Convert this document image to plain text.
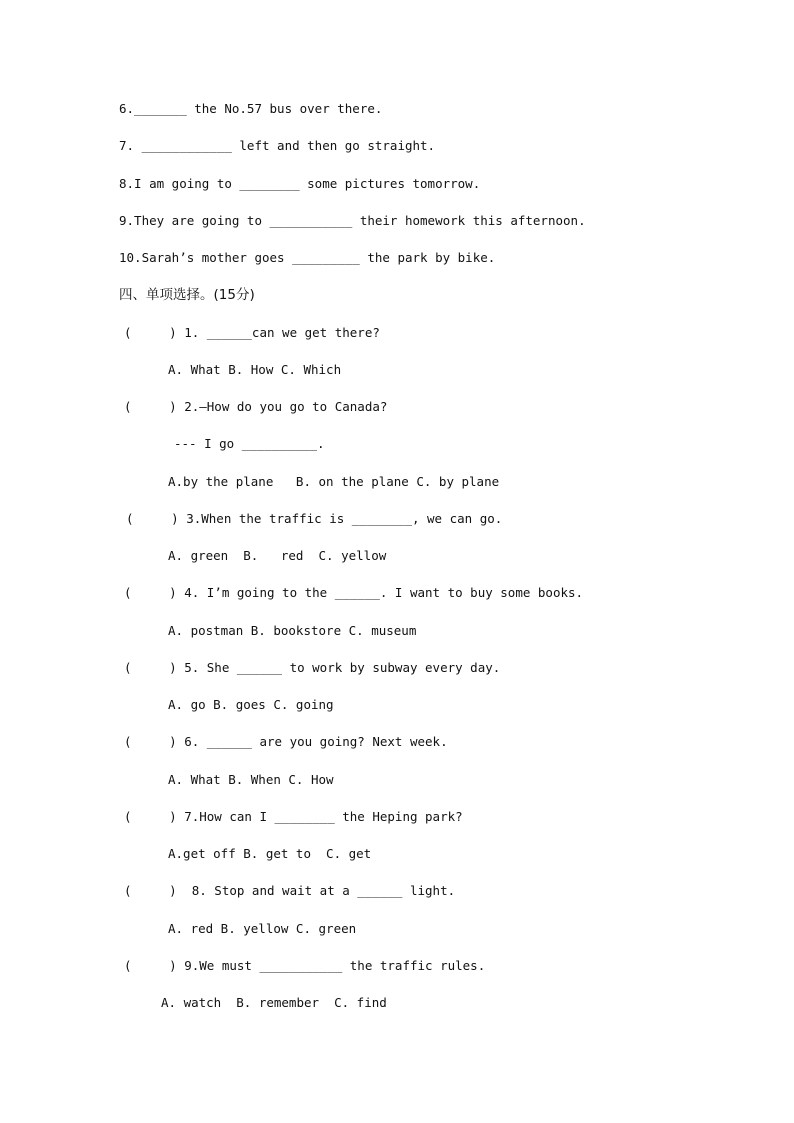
6._______ the No.57 bus over there.
7. ____________ left and then go straight.
8.I am going to ________ some pictures tomorrow.
9.They are going to ___________ their homework this afternoon.
10.Sarah’s mother goes _________ the park by bike.
四、单项选择。(15分)
(     ) 1. ______can we get there?
A. What B. How C. Which
(     ) 2.—How do you go to Canada?
--- I go __________.
A.by the plane   B. on the plane C. by plane
(     ) 3.When the traffic is ________, we can go.
A. green  B.   red  C. yellow
(     ) 4. I’m going to the ______. I want to buy some books.
A. postman B. bookstore C. museum
(     ) 5. She ______ to work by subway every day.
A. go B. goes C. going
(     ) 6. ______ are you going? Next week.
A. What B. When C. How
(     ) 7.How can I ________ the Heping park?
A.get off B. get to  C. get
(     )  8. Stop and wait at a ______ light.
A. red B. yellow C. green
(     ) 9.We must ___________ the traffic rules.
A. watch  B. remember  C. find
